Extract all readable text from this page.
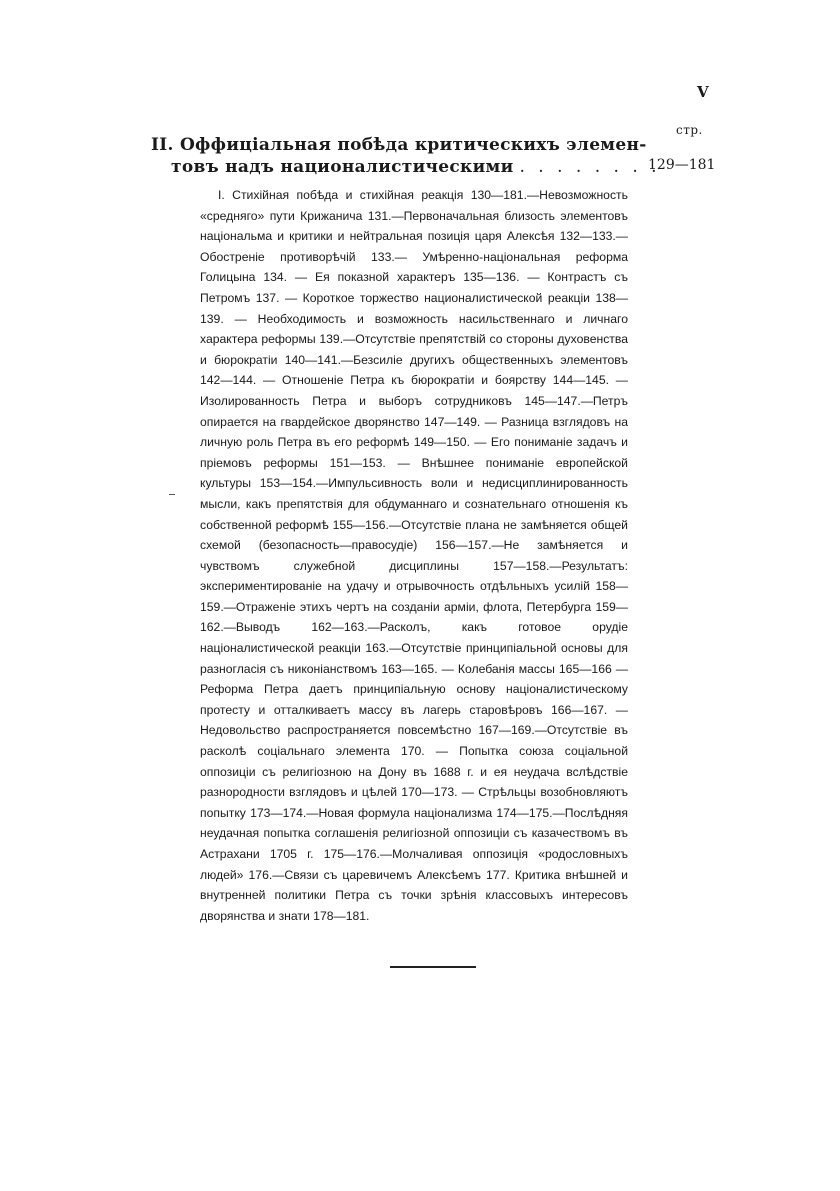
V
стр.
II. Оффиціальная побѣда критическихъ элемен-
товъ надъ националистическими . . . . . . . .
129—181

I. Стихійная побѣда и стихійная реакція 130—181.—Невозможность «средняго» пути Крижанича 131.—Первоначальная близость элементовъ національма и критики и нейтральная позиція царя Алексѣя 132—133.—Обостреніе противорѣчій 133.— Умѣренно-національная реформа Голицына 134. — Ея показной характеръ 135—136. — Контрастъ съ Петромъ 137. — Короткое торжество националистической реакціи 138—139. — Необходимость и возможность насильственнаго и личнаго характера реформы 139.—Отсутствіе препятствій со стороны духовенства и бюрократіи 140—141.—Безсиліе другихъ общественныхъ элементовъ 142—144. — Отношеніе Петра къ бюрократіи и боярству 144—145. — Изолированность Петра и выборъ сотрудниковъ 145—147.—Петръ опирается на гвардейское дворянство 147—149. — Разница взглядовъ на личную роль Петра въ его реформѣ 149—150. — Его пониманіе задачъ и пріемовъ реформы 151—153. — Внѣшнее пониманіе европейской культуры 153—154.—Импульсивность воли и недисциплинированность мысли, какъ препятствія для обдуманнаго и сознательнаго отношенія къ собственной реформѣ 155—156.—Отсутствіе плана не замѣняется общей схемой (безопасность—правосудіе) 156—157.—Не замѣняется и чувствомъ служебной дисциплины 157—158.—Результатъ: экспериментированіе на удачу и отрывочность отдѣльныхъ усилій 158—159.—Отраженіе этихъ чертъ на созданіи арміи, флота, Петербурга 159—162.—Выводъ 162—163.—Расколъ, какъ готовое орудіе націоналистической реакціи 163.—Отсутствіе принципіальной основы для разногласія съ никоніанствомъ 163—165. — Колебанія массы 165—166 —Реформа Петра даетъ принципіальную основу націоналистическому протесту и отталкиваетъ массу въ лагерь старовѣровъ 166—167. — Недовольство распространяется повсемѣстно 167—169.—Отсутствіе въ расколѣ соціальнаго элемента 170. — Попытка союза соціальной оппозиціи съ религіозною на Дону въ 1688 г. и ея неудача вслѣдствіе разнородности взглядовъ и цѣлей 170—173. — Стрѣльцы возобновляютъ попытку 173—174.—Новая формула націонализма 174—175.—Послѣдняя неудачная попытка соглашенія религіозной оппозиціи съ казачествомъ въ Астрахани 1705 г. 175—176.—Молчаливая оппозиція «родословныхъ людей» 176.—Связи съ царевичемъ Алексѣемъ 177. Критика внѣшней и внутренней политики Петра съ точки зрѣнія классовыхъ интересовъ дворянства и знати 178—181.
